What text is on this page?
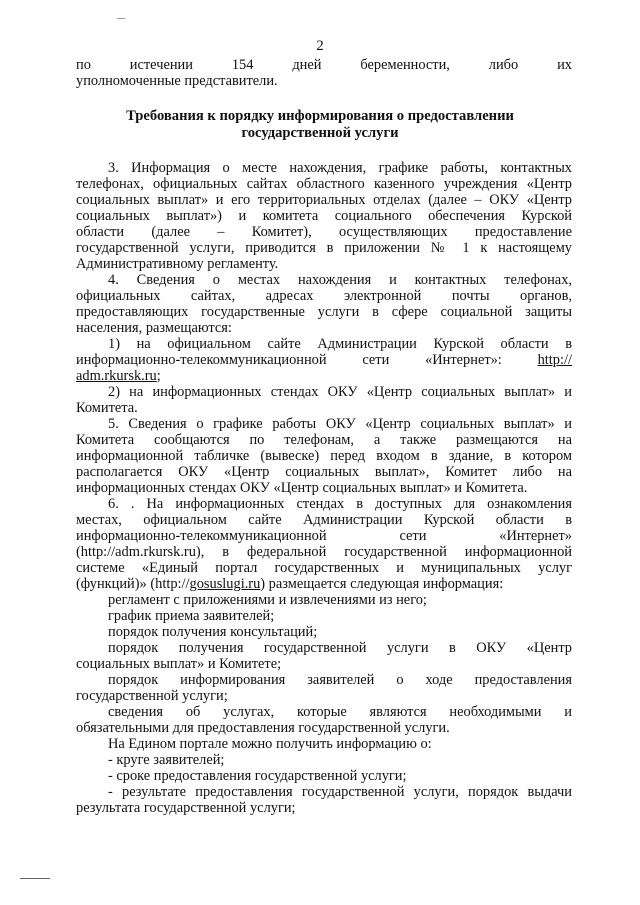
2
по истечении 154 дней беременности, либо их
уполномоченные представители.
Требования к порядку информирования о предоставлении
государственной услуги
3. Информация о месте нахождения, графике работы, контактных
телефонах, официальных сайтах областного казенного учреждения «Центр
социальных выплат» и его территориальных отделах (далее – ОКУ «Центр
социальных выплат») и комитета социального обеспечения Курской
области (далее – Комитет), осуществляющих предоставление
государственной услуги, приводится в приложении № 1 к настоящему
Административному регламенту.
4. Сведения о местах нахождения и контактных телефонах,
официальных сайтах, адресах электронной почты органов,
предоставляющих государственные услуги в сфере социальной защиты
населения, размещаются:
1) на официальном сайте Администрации Курской области в
информационно-телекоммуникационной сети «Интернет»: http://
adm.rkursk.ru;
2) на информационных стендах ОКУ «Центр социальных выплат» и
Комитета.
5. Сведения о графике работы ОКУ «Центр социальных выплат» и
Комитета сообщаются по телефонам, а также размещаются на
информационной табличке (вывеске) перед входом в здание, в котором
располагается ОКУ «Центр социальных выплат», Комитет либо на
информационных стендах ОКУ «Центр социальных выплат» и Комитета.
6. . На информационных стендах в доступных для ознакомления
местах, официальном сайте Администрации Курской области в
информационно-телекоммуникационной сети «Интернет»
(http://adm.rkursk.ru), в федеральной государственной информационной
системе «Единый портал государственных и муниципальных услуг
(функций)» (http://gosuslugi.ru) размещается следующая информация:
регламент с приложениями и извлечениями из него;
график приема заявителей;
порядок получения консультаций;
порядок получения государственной услуги в ОКУ «Центр
социальных выплат» и Комитете;
порядок информирования заявителей о ходе предоставления
государственной услуги;
сведения об услугах, которые являются необходимыми и
обязательными для предоставления государственной услуги.
На Едином портале можно получить информацию о:
- круге заявителей;
- сроке предоставления государственной услуги;
- результате предоставления государственной услуги, порядок выдачи
результата государственной услуги;
